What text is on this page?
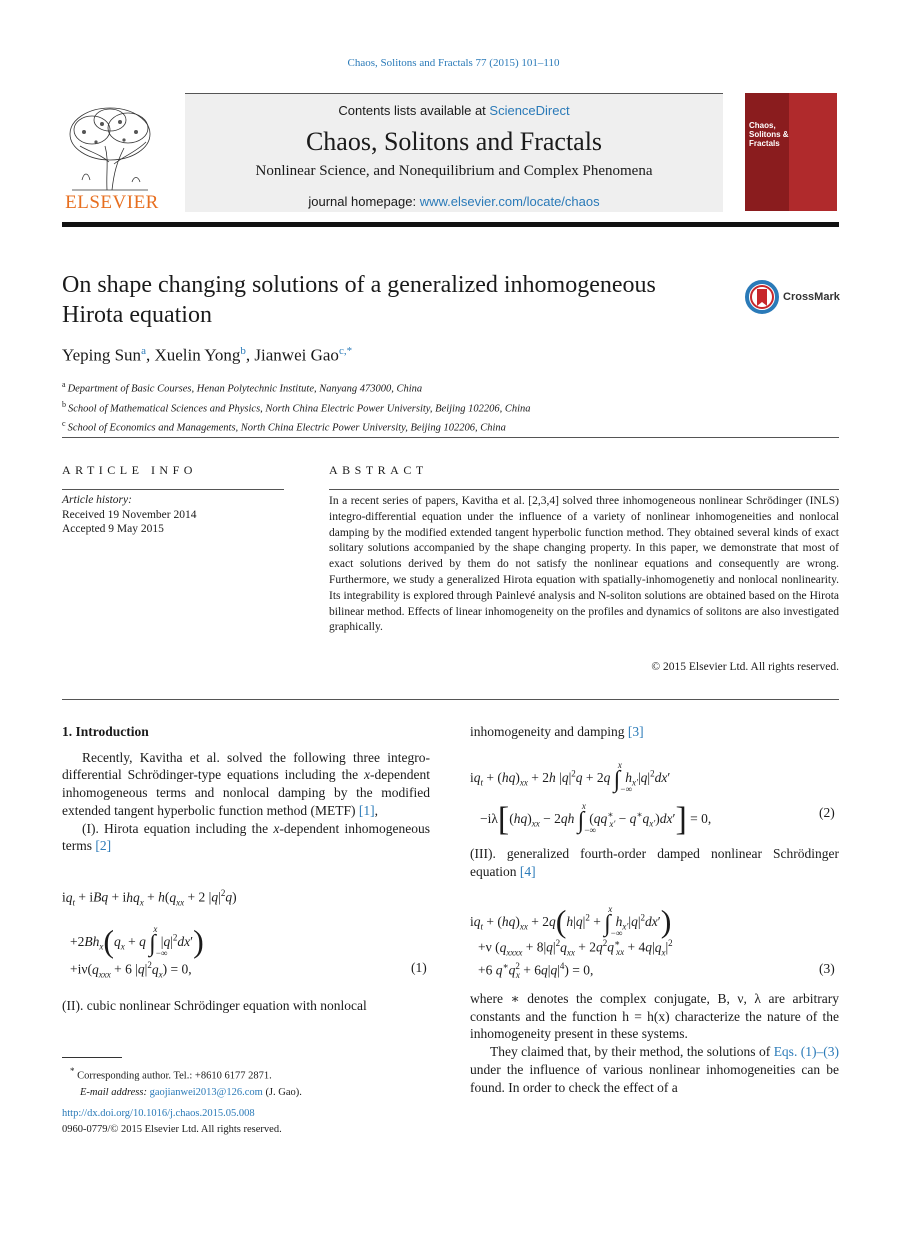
Chaos, Solitons and Fractals 77 (2015) 101–110
ELSEVIER
Contents lists available at ScienceDirect
Chaos, Solitons and Fractals
Nonlinear Science, and Nonequilibrium and Complex Phenomena
journal homepage: www.elsevier.com/locate/chaos
Chaos, Solitons & Fractals
On shape changing solutions of a generalized inhomogeneous Hirota equation
CrossMark
Yeping Sun$^a$, Xuelin Yong$^b$, Jianwei Gao$^{c,*}$
$^a$ Department of Basic Courses, Henan Polytechnic Institute, Nanyang 473000, China
$^b$ School of Mathematical Sciences and Physics, North China Electric Power University, Beijing 102206, China
$^c$ School of Economics and Managements, North China Electric Power University, Beijing 102206, China
ARTICLE INFO
Article history:
Received 19 November 2014
Accepted 9 May 2015
ABSTRACT
In a recent series of papers, Kavitha et al. [2,3,4] solved three inhomogeneous nonlinear Schrödinger (INLS) integro-differential equation under the influence of a variety of nonlinear inhomogeneities and nonlocal damping by the modified extended tangent hyperbolic function method. They obtained several kinds of exact solitary solutions accompanied by the shape changing property. In this paper, we demonstrate that most of exact solutions derived by them do not satisfy the nonlinear equations and consequently are wrong. Furthermore, we study a generalized Hirota equation with spatially-inhomogenetiy and nonlocal nonlinearity. Its integrability is explored through Painlevé analysis and N-soliton solutions are obtained based on the Hirota bilinear method. Effects of linear inhomogeneity on the profiles and dynamics of solitons are also investigated graphically.
© 2015 Elsevier Ltd. All rights reserved.

1. Introduction

Recently, Kavitha et al. solved the following three integro-differential Schrödinger-type equations including the x-dependent inhomogeneous terms and nonlocal damping by the modified extended tangent hyperbolic function method (METF) [1],

(I). Hirota equation including the x-dependent inhomogeneous terms [2]

$iq_t$ + iBq + $ihq_x + h(q_{xx} + 2$ $|q|^2q$)
$+2Bh_x(q_x + q$ $\int_{-\infty}^x$ $|q|^2dx'$)
$+i\nu(q_{xxx} + 6$ $|q|^2q_x) = 0$,	(1)

(II). cubic nonlinear Schrödinger equation with nonlocal

inhomogeneity and damping [3]

$iq_t + (hq)_{xx} + 2h$ $|q|^2q + 2q$ $\int_{-\infty}^x$ $h_{x'}|q|^2dx'$
$-i\lambda[(hq)_{xx} - 2qh$ $\int_{-\infty}^x$ $(qq^∗_{x'} - q^∗q_{x'})dx'] = 0$,	(2)

(III). generalized fourth-order damped nonlinear Schrödinger equation [4]

$iq_t + (hq)_{xx} + 2q(h|q|^2 + \int_{-\infty}^x$ $h_{x'}|q|^2dx'$)
+ν ($q_{xxxx} + 8|q|^2q_{xx} + 2q^2q^∗_{xx} + 4q|q_x|^2$
+6 $q^∗q^2_x + 6q|q|^4) = 0$,	(3)

where ∗ denotes the complex conjugate, B, ν, λ are arbitrary constants and the function h = h(x) characterize the nature of the inhomogeneity present in these systems.

They claimed that, by their method, the solutions of Eqs. (1)–(3) under the influence of various nonlinear inhomogeneities can be found. In order to check the effect of a

* Corresponding author. Tel.: +8610 6177 2871.
E-mail address: gaojianwei2013@126.com (J. Gao).
http://dx.doi.org/10.1016/j.chaos.2015.05.008
0960-0779/© 2015 Elsevier Ltd. All rights reserved.
